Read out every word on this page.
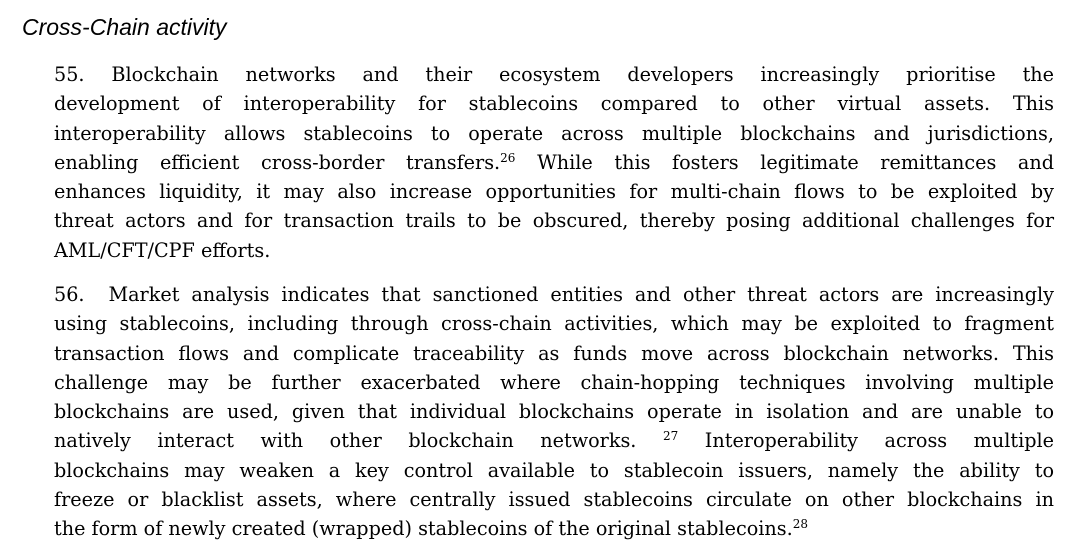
Cross-Chain activity
55. Blockchain networks and their ecosystem developers increasingly prioritise the
development of interoperability for stablecoins compared to other virtual assets. This
interoperability allows stablecoins to operate across multiple blockchains and jurisdictions,
enabling efficient cross-border transfers.$^{26}$ While this fosters legitimate remittances and
enhances liquidity, it may also increase opportunities for multi-chain flows to be exploited by
threat actors and for transaction trails to be obscured, thereby posing additional challenges for
AML/CFT/CPF efforts.
56. Market analysis indicates that sanctioned entities and other threat actors are increasingly
using stablecoins, including through cross-chain activities, which may be exploited to fragment
transaction flows and complicate traceability as funds move across blockchain networks. This
challenge may be further exacerbated where chain-hopping techniques involving multiple
blockchains are used, given that individual blockchains operate in isolation and are unable to
natively interact with other blockchain networks. $^{27}$ Interoperability across multiple
blockchains may weaken a key control available to stablecoin issuers, namely the ability to
freeze or blacklist assets, where centrally issued stablecoins circulate on other blockchains in
the form of newly created (wrapped) stablecoins of the original stablecoins.$^{28}$
